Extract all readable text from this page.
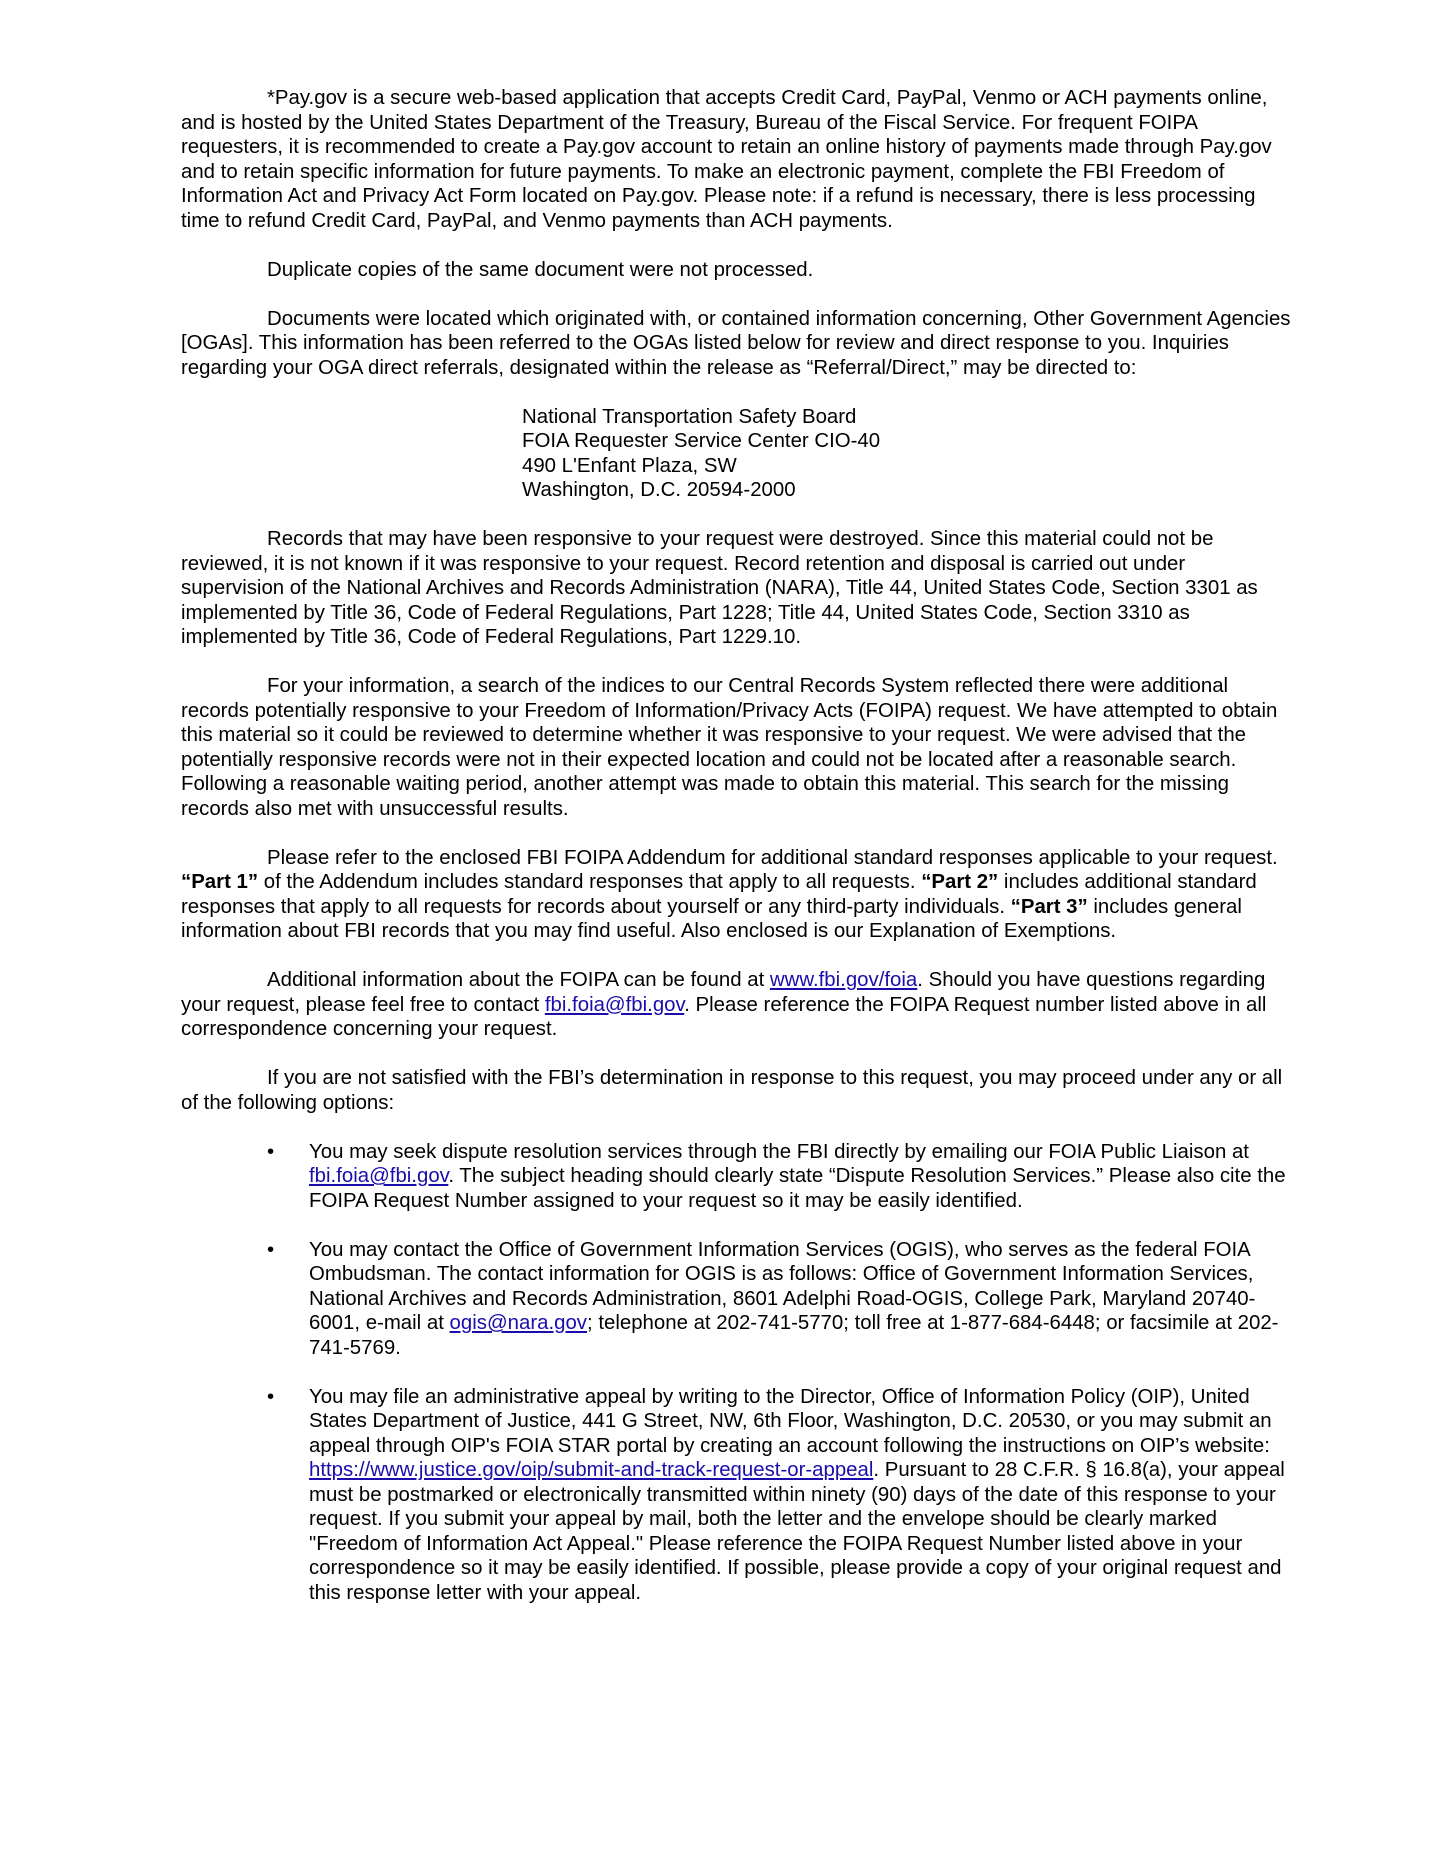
*Pay.gov is a secure web-based application that accepts Credit Card, PayPal, Venmo or ACH payments online, and is hosted by the United States Department of the Treasury, Bureau of the Fiscal Service. For frequent FOIPA requesters, it is recommended to create a Pay.gov account to retain an online history of payments made through Pay.gov and to retain specific information for future payments. To make an electronic payment, complete the FBI Freedom of Information Act and Privacy Act Form located on Pay.gov. Please note: if a refund is necessary, there is less processing time to refund Credit Card, PayPal, and Venmo payments than ACH payments.

Duplicate copies of the same document were not processed.

Documents were located which originated with, or contained information concerning, Other Government Agencies [OGAs]. This information has been referred to the OGAs listed below for review and direct response to you. Inquiries regarding your OGA direct referrals, designated within the release as “Referral/Direct,” may be directed to:

National Transportation Safety Board
FOIA Requester Service Center CIO-40
490 L'Enfant Plaza, SW
Washington, D.C. 20594-2000

Records that may have been responsive to your request were destroyed. Since this material could not be reviewed, it is not known if it was responsive to your request. Record retention and disposal is carried out under supervision of the National Archives and Records Administration (NARA), Title 44, United States Code, Section 3301 as implemented by Title 36, Code of Federal Regulations, Part 1228; Title 44, United States Code, Section 3310 as implemented by Title 36, Code of Federal Regulations, Part 1229.10.

For your information, a search of the indices to our Central Records System reflected there were additional records potentially responsive to your Freedom of Information/Privacy Acts (FOIPA) request. We have attempted to obtain this material so it could be reviewed to determine whether it was responsive to your request. We were advised that the potentially responsive records were not in their expected location and could not be located after a reasonable search. Following a reasonable waiting period, another attempt was made to obtain this material. This search for the missing records also met with unsuccessful results.

Please refer to the enclosed FBI FOIPA Addendum for additional standard responses applicable to your request. “Part 1” of the Addendum includes standard responses that apply to all requests. “Part 2” includes additional standard responses that apply to all requests for records about yourself or any third-party individuals. “Part 3” includes general information about FBI records that you may find useful. Also enclosed is our Explanation of Exemptions.

Additional information about the FOIPA can be found at www.fbi.gov/foia. Should you have questions regarding your request, please feel free to contact fbi.foia@fbi.gov. Please reference the FOIPA Request number listed above in all correspondence concerning your request.

If you are not satisfied with the FBI’s determination in response to this request, you may proceed under any or all of the following options:

• You may seek dispute resolution services through the FBI directly by emailing our FOIA Public Liaison at fbi.foia@fbi.gov. The subject heading should clearly state “Dispute Resolution Services.” Please also cite the FOIPA Request Number assigned to your request so it may be easily identified.
• You may contact the Office of Government Information Services (OGIS), who serves as the federal FOIA Ombudsman. The contact information for OGIS is as follows: Office of Government Information Services, National Archives and Records Administration, 8601 Adelphi Road-OGIS, College Park, Maryland 20740-6001, e-mail at ogis@nara.gov; telephone at 202-741-5770; toll free at 1-877-684-6448; or facsimile at 202-741-5769.
• You may file an administrative appeal by writing to the Director, Office of Information Policy (OIP), United States Department of Justice, 441 G Street, NW, 6th Floor, Washington, D.C. 20530, or you may submit an appeal through OIP's FOIA STAR portal by creating an account following the instructions on OIP’s website: https://www.justice.gov/oip/submit-and-track-request-or-appeal. Pursuant to 28 C.F.R. § 16.8(a), your appeal must be postmarked or electronically transmitted within ninety (90) days of the date of this response to your request. If you submit your appeal by mail, both the letter and the envelope should be clearly marked "Freedom of Information Act Appeal." Please reference the FOIPA Request Number listed above in your correspondence so it may be easily identified. If possible, please provide a copy of your original request and this response letter with your appeal.
